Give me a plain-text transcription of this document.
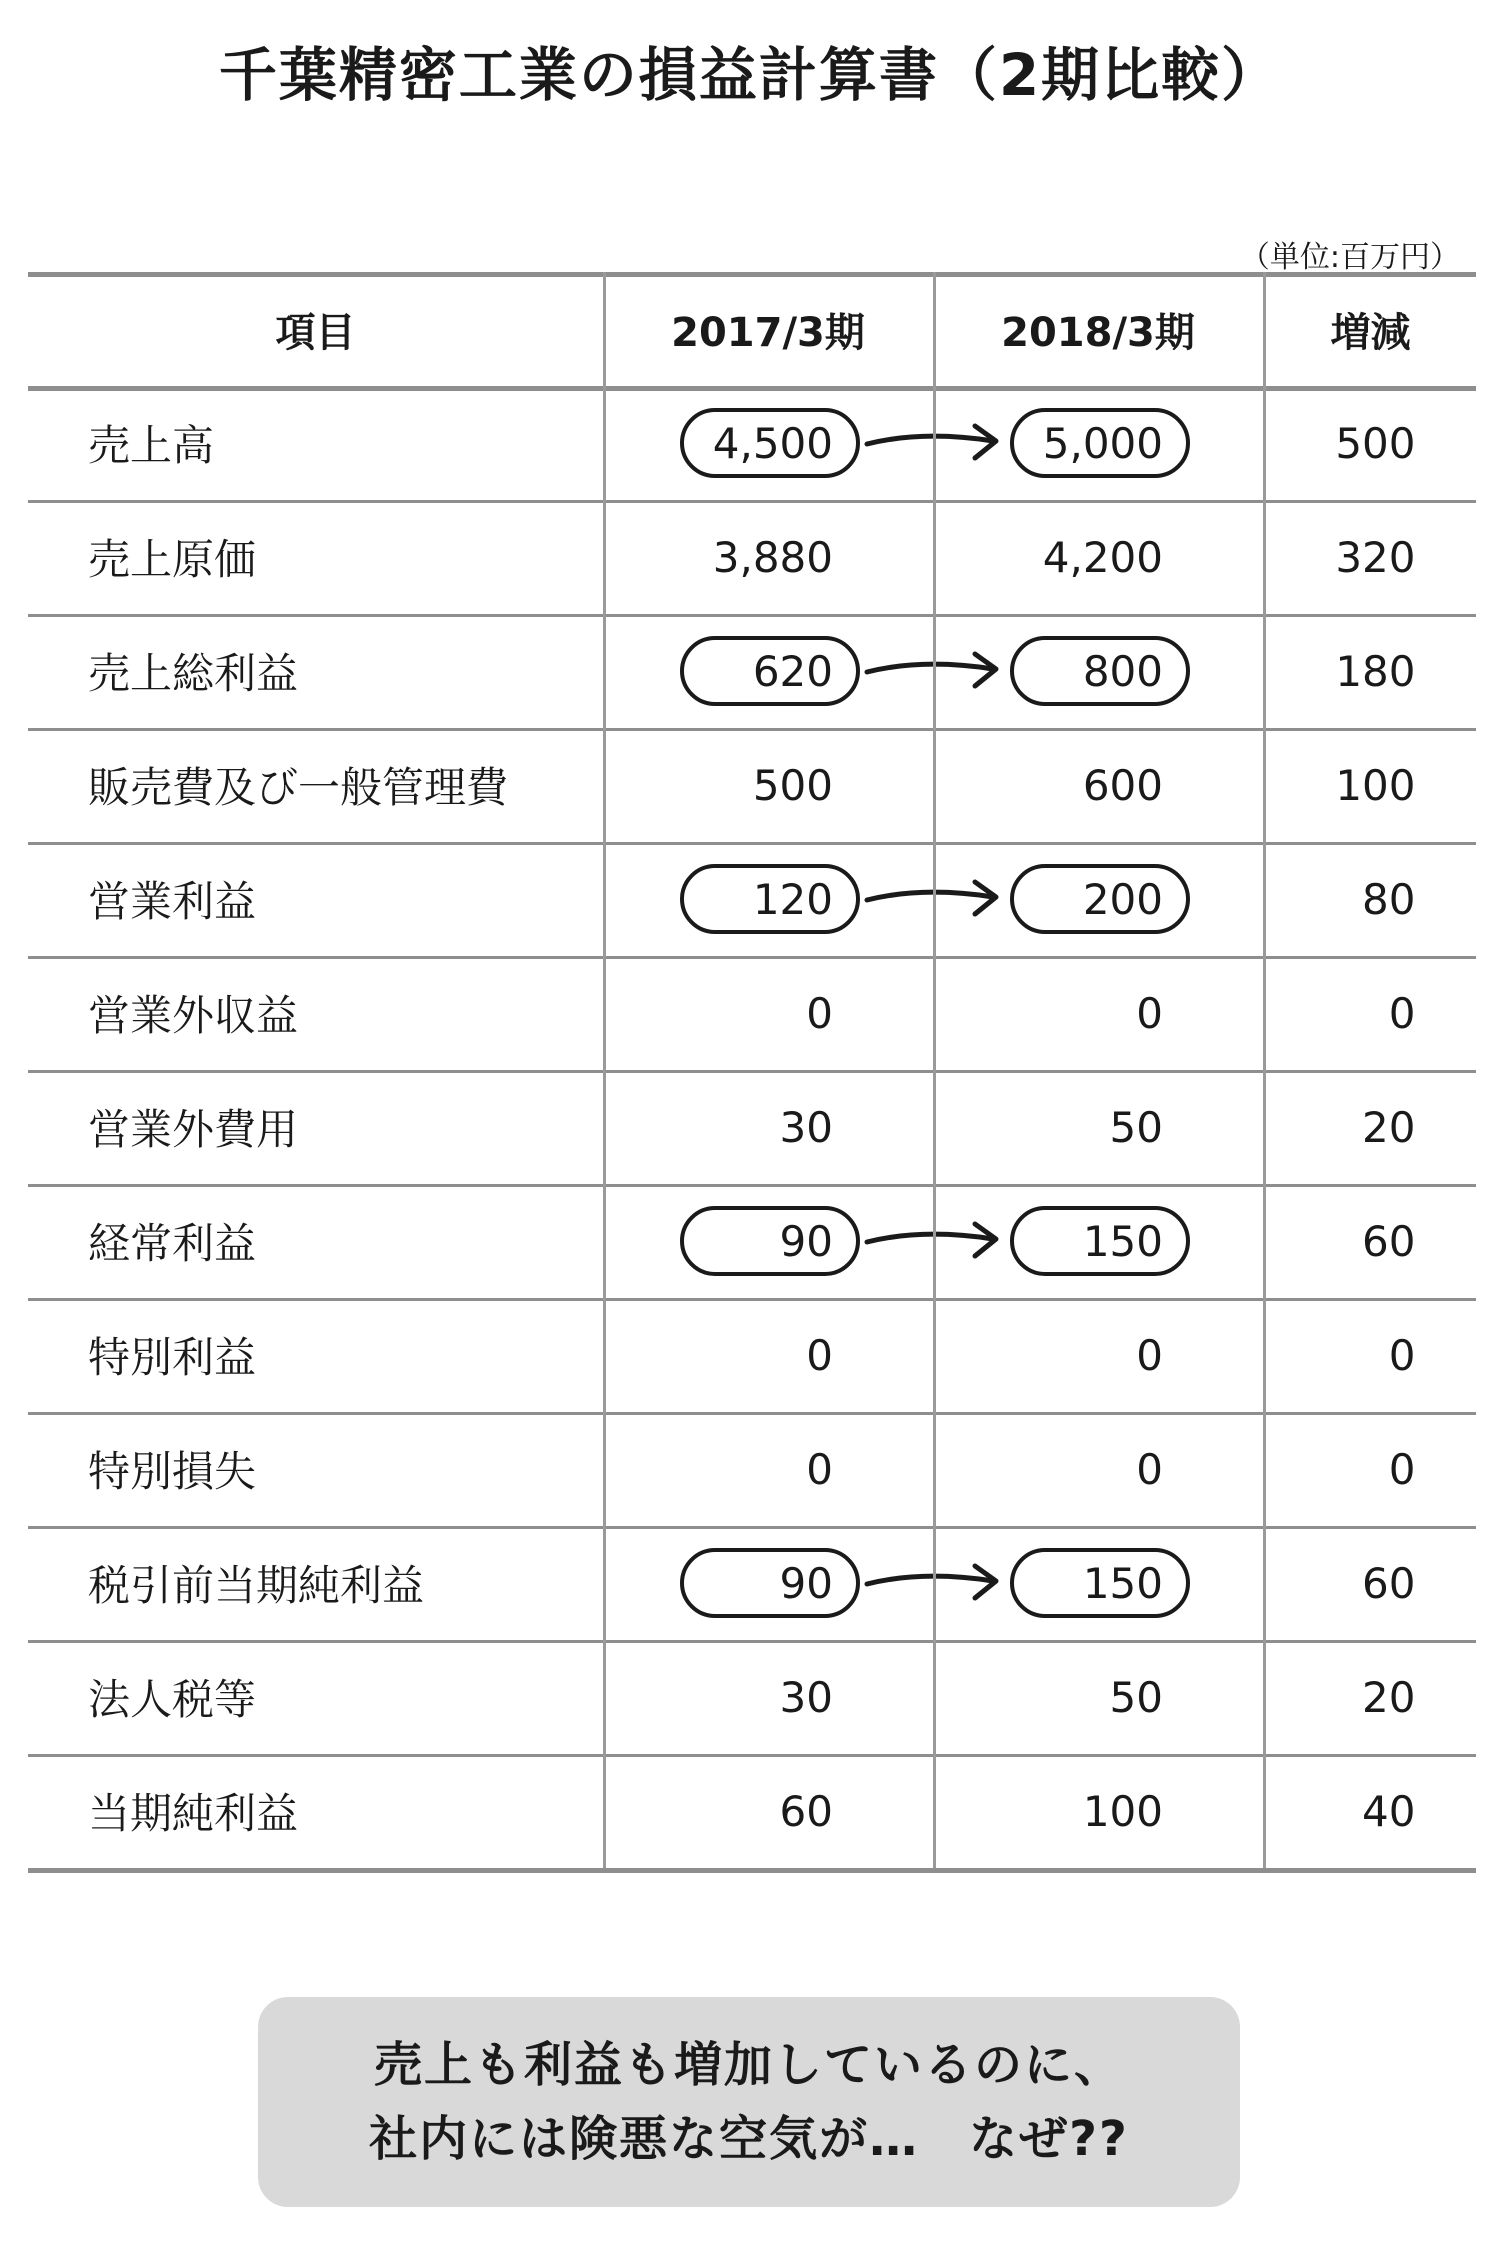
千葉精密工業の損益計算書（2期比較）
（単位:百万円）
項目	2017/3期	2018/3期	増減
売上高	4,500	5,000	500
売上原価	3,880	4,200	320
売上総利益	620	800	180
販売費及び一般管理費	500	600	100
営業利益	120	200	80
営業外収益	0	0	0
営業外費用	30	50	20
経常利益	90	150	60
特別利益	0	0	0
特別損失	0	0	0
税引前当期純利益	90	150	60
法人税等	30	50	20
当期純利益	60	100	40
売上も利益も増加しているのに、
社内には険悪な空気が…　なぜ??
